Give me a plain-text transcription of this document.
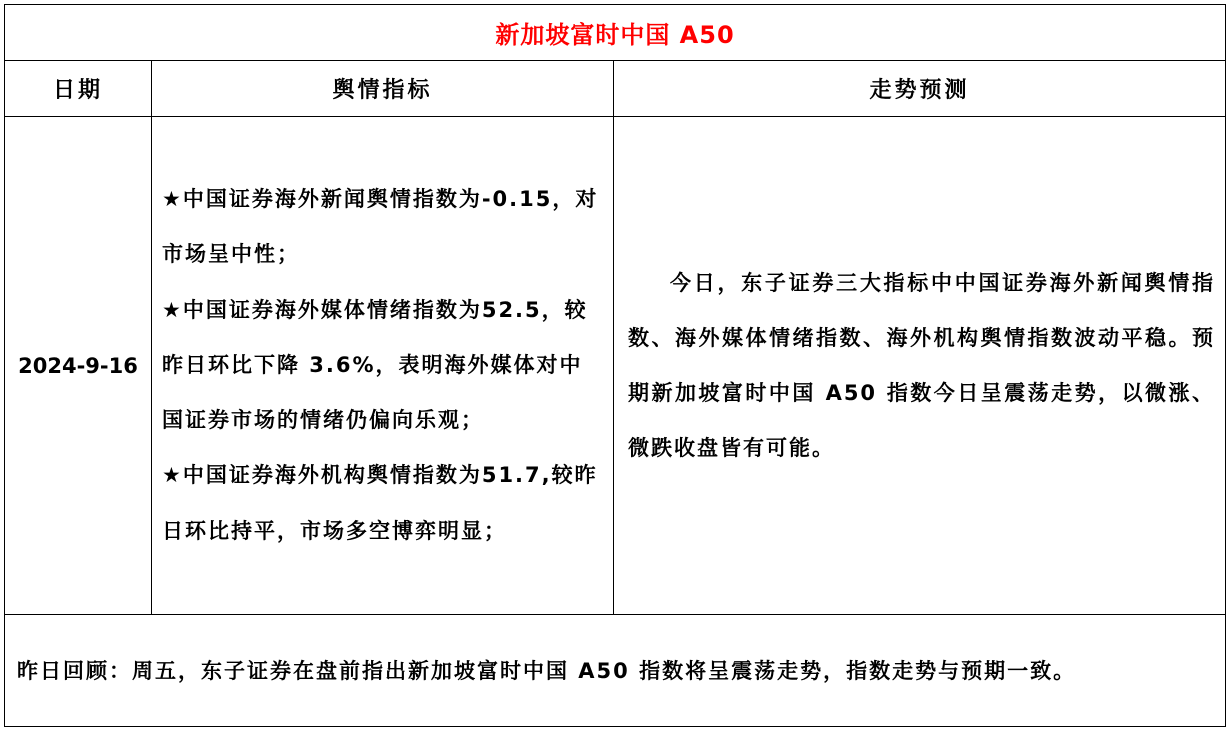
新加坡富时中国 A50		
日期	舆情指标	走势预测
2024-9-16	★中国证券海外新闻舆情指数为-0.15，对市场呈中性；

★中国证券海外媒体情绪指数为52.5，较昨日环比下降 3.6%，表明海外媒体对中国证券市场的情绪仍偏向乐观；

★中国证券海外机构舆情指数为51.7,较昨日环比持平，市场多空博弈明显；	今日，东子证券三大指标中中国证券海外新闻舆情指数、海外媒体情绪指数、海外机构舆情指数波动平稳。预期新加坡富时中国 A50 指数今日呈震荡走势，以微涨、微跌收盘皆有可能。

昨日回顾：周五，东子证券在盘前指出新加坡富时中国 A50 指数将呈震荡走势，指数走势与预期一致。		
